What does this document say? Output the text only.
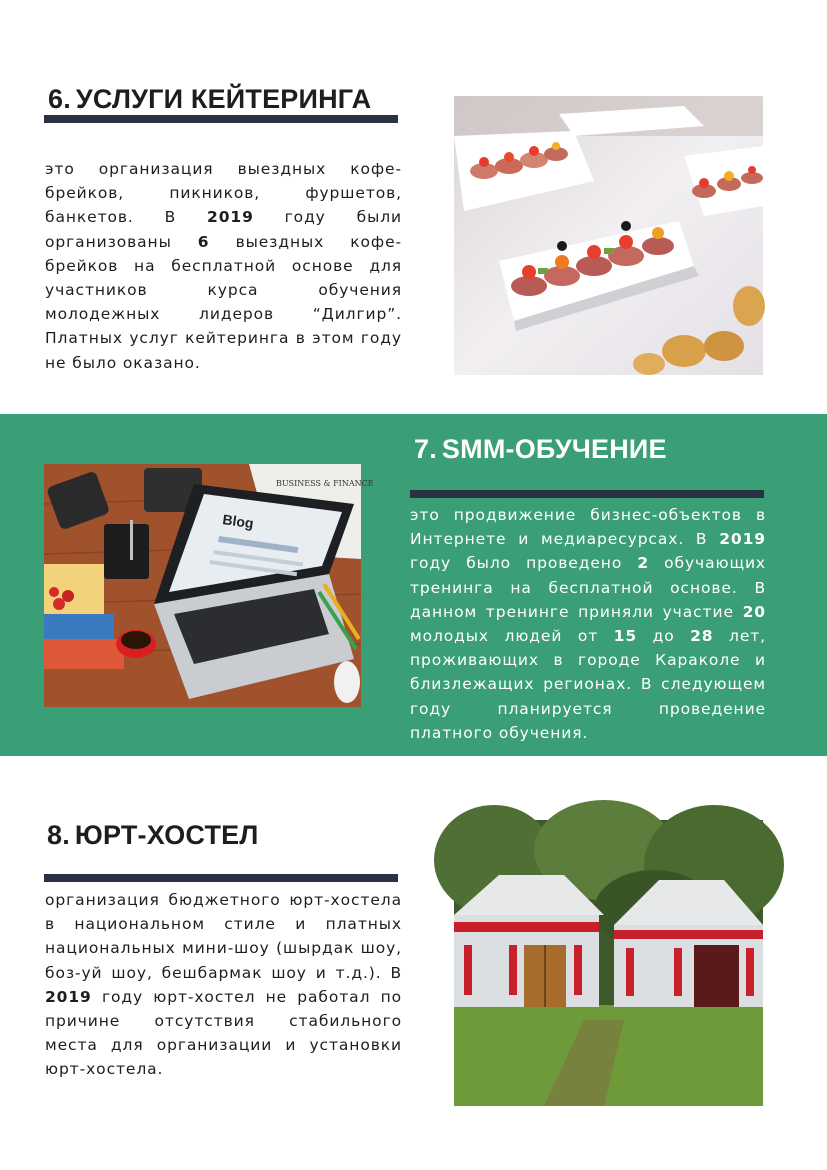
6. УСЛУГИ КЕЙТЕРИНГА

это организация выездных кофе-брейков, пикников, фуршетов, банкетов. В 2019 году были организованы 6 выездных кофе-брейков на бесплатной основе для участников курса обучения молодежных лидеров “Дилгир”. Платных услуг кейтеринга в этом году не было оказано.

7. SMM-ОБУЧЕНИЕ

это продвижение бизнес-объектов в Интернете и медиаресурсах. В 2019 году было проведено 2 обучающих тренинга на бесплатной основе. В данном тренинге приняли участие 20 молодых людей от 15 до 28 лет, проживающих в городе Караколе и близлежащих регионах. В следующем году планируется проведение платного обучения.

BUSINESS & FINANCE
Blog
8. ЮРТ-ХОСТЕЛ

организация бюджетного юрт-хостела в национальном стиле и платных национальных мини-шоу (шырдак шоу, боз-уй шоу, бешбармак шоу и т.д.). В 2019 году юрт-хостел не работал по причине отсутствия стабильного места для организации и установки юрт-хостела.
